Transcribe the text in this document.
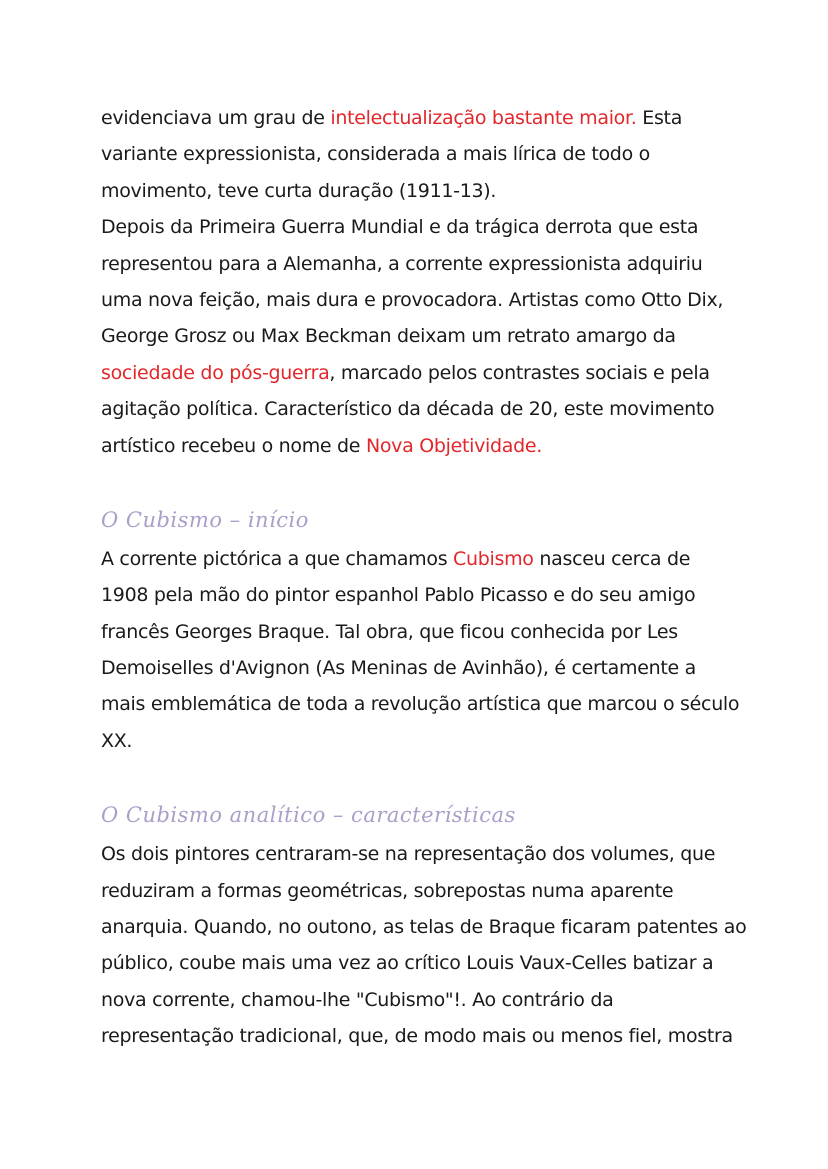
evidenciava um grau de intelectualização bastante maior. Esta
variante expressionista, considerada a mais lírica de todo o
movimento, teve curta duração (1911-13).
Depois da Primeira Guerra Mundial e da trágica derrota que esta
representou para a Alemanha, a corrente expressionista adquiriu
uma nova feição, mais dura e provocadora. Artistas como Otto Dix,
George Grosz ou Max Beckman deixam um retrato amargo da
sociedade do pós-guerra, marcado pelos contrastes sociais e pela
agitação política. Característico da década de 20, este movimento
artístico recebeu o nome de Nova Objetividade.
O Cubismo – início
A corrente pictórica a que chamamos Cubismo nasceu cerca de
1908 pela mão do pintor espanhol Pablo Picasso e do seu amigo
francês Georges Braque. Tal obra, que ficou conhecida por Les
Demoiselles d'Avignon (As Meninas de Avinhão), é certamente a
mais emblemática de toda a revolução artística que marcou o século
XX.
O Cubismo analítico – características
Os dois pintores centraram-se na representação dos volumes, que
reduziram a formas geométricas, sobrepostas numa aparente
anarquia. Quando, no outono, as telas de Braque ficaram patentes ao
público, coube mais uma vez ao crítico Louis Vaux-Celles batizar a
nova corrente, chamou-lhe "Cubismo"!. Ao contrário da
representação tradicional, que, de modo mais ou menos fiel, mostra
